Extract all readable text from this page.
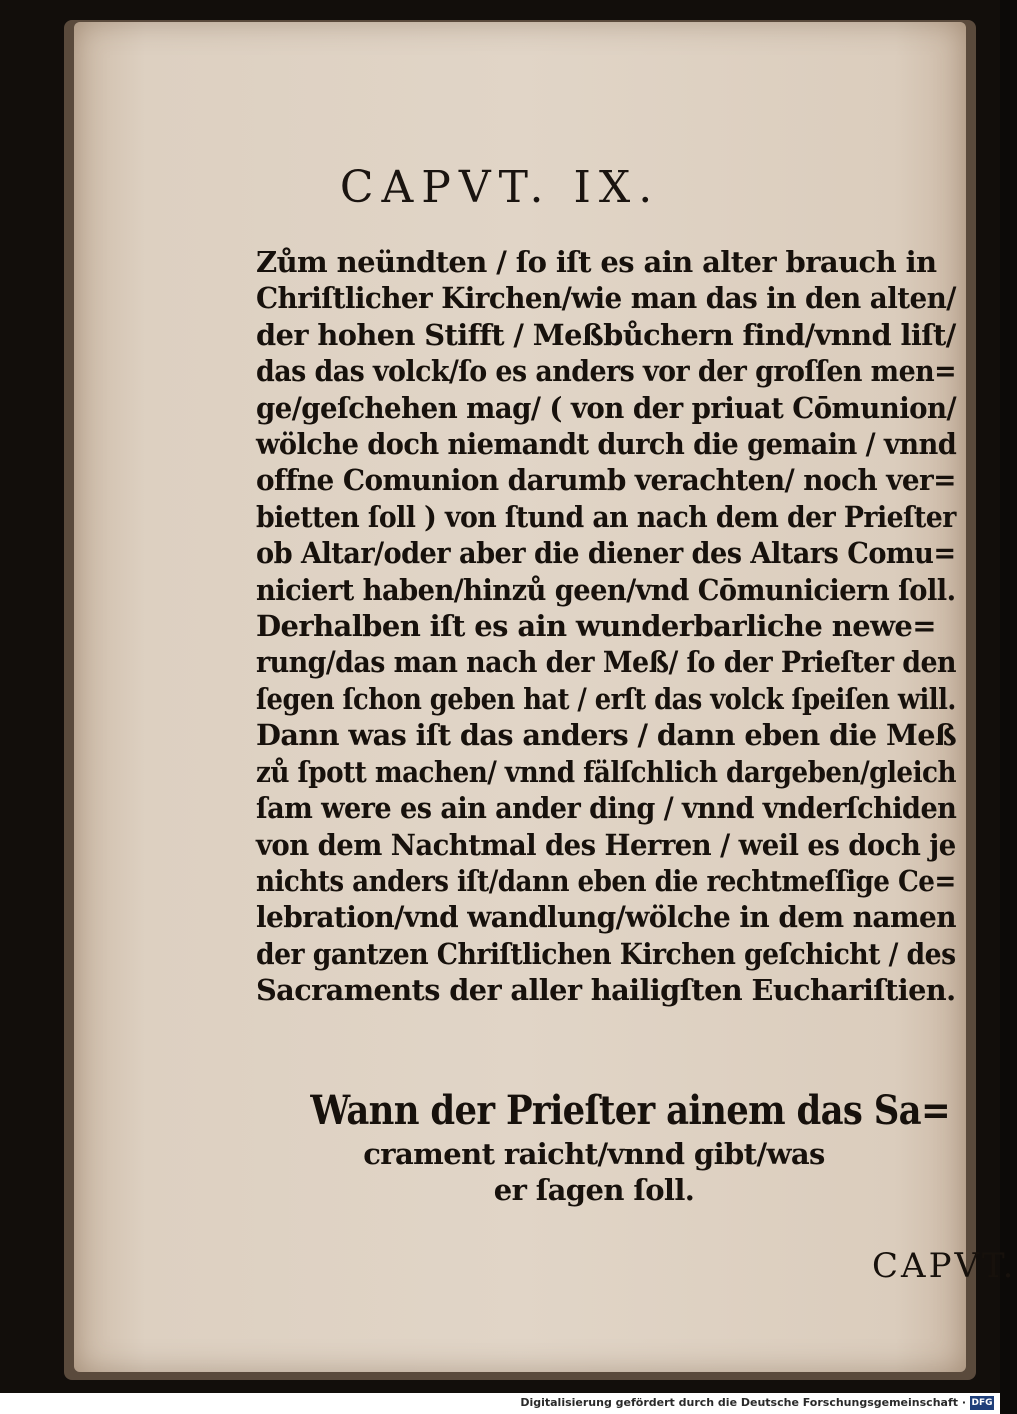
CAPVT. IX.
Zům neündten / ſo iſt es ain alter brauch in
Chriſtlicher Kirchen/wie man das in den alten/
der hohen Stifft / Meßbůchern find/vnnd liſt/
das das volck/ſo es anders vor der groſſen men=
ge/geſchehen mag/ ( von der priuat Cōmunion/
wölche doch niemandt durch die gemain / vnnd
offne Comunion darumb verachten/ noch ver=
bietten ſoll ) von ſtund an nach dem der Prieſter
ob Altar/oder aber die diener des Altars Comu=
niciert haben/hinzů geen/vnd Cōmuniciern ſoll.
Derhalben iſt es ain wunderbarliche newe=
rung/das man nach der Meß/ ſo der Prieſter den
ſegen ſchon geben hat / erſt das volck ſpeiſen will.
Dann was iſt das anders / dann eben die Meß
zů ſpott machen/ vnnd fälſchlich dargeben/gleich
ſam were es ain ander ding / vnnd vnderſchiden
von dem Nachtmal des Herren / weil es doch je
nichts anders iſt/dann eben die rechtmeſſige Ce=
lebration/vnd wandlung/wölche in dem namen
der gantzen Chriſtlichen Kirchen geſchicht / des
Sacraments der aller hailigſten Euchariſtien.
Wann der Prieſter ainem das Sa=
crament raicht/vnnd gibt/was
er ſagen ſoll.
CAPVT.
Digitalisierung gefördert durch die Deutsche Forschungsgemeinschaft · DFG
